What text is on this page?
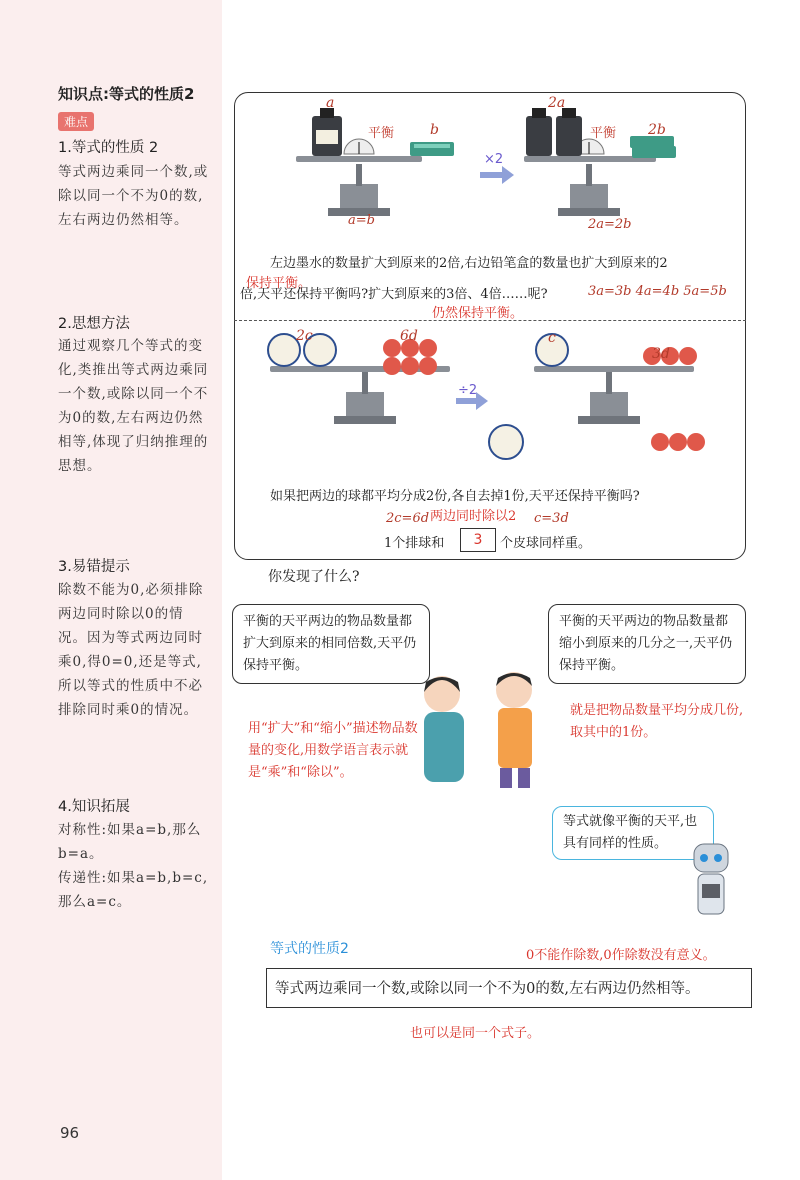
知识点:等式的性质2
难点
1.等式的性质 2
等式两边乘同一个数,或除以同一个不为0的数,左右两边仍然相等。
2.思想方法
通过观察几个等式的变化,类推出等式两边乘同一个数,或除以同一个不为0的数,左右两边仍然相等,体现了归纳推理的思想。
3.易错提示
除数不能为0,必须排除两边同时除以0的情况。因为等式两边同时乘0,得0=0,还是等式,所以等式的性质中不必排除同时乘0的情况。
4.知识拓展
对称性:如果a=b,那么b=a。
传递性:如果a=b,b=c,那么a=c。
96
a
b
平衡
a=b
×2
2a
2b
平衡
2a=2b
左边墨水的数量扩大到原来的2倍,右边铅笔盒的数量也扩大到原来的2
保持平衡。
倍,天平还保持平衡吗?扩大到原来的3倍、4倍……呢?	3a=3b 4a=4b 5a=5b
仍然保持平衡。
2c	6d
÷2
c
3d
如果把两边的球都平均分成2份,各自去掉1份,天平还保持平衡吗?
2c=6d 两边同时除以2 c=3d
1个排球和	3	个皮球同样重。
你发现了什么?
平衡的天平两边的物品数量都扩大到原来的相同倍数,天平仍保持平衡。
平衡的天平两边的物品数量都缩小到原来的几分之一,天平仍保持平衡。
用“扩大”和“缩小”描述物品数量的变化,用数学语言表示就是“乘”和“除以”。
就是把物品数量平均分成几份,取其中的1份。
等式就像平衡的天平,也具有同样的性质。
等式的性质2	0不能作除数,0作除数没有意义。
等式两边乘同一个数,或除以同一个不为0的数,左右两边仍然相等。
也可以是同一个式子。
